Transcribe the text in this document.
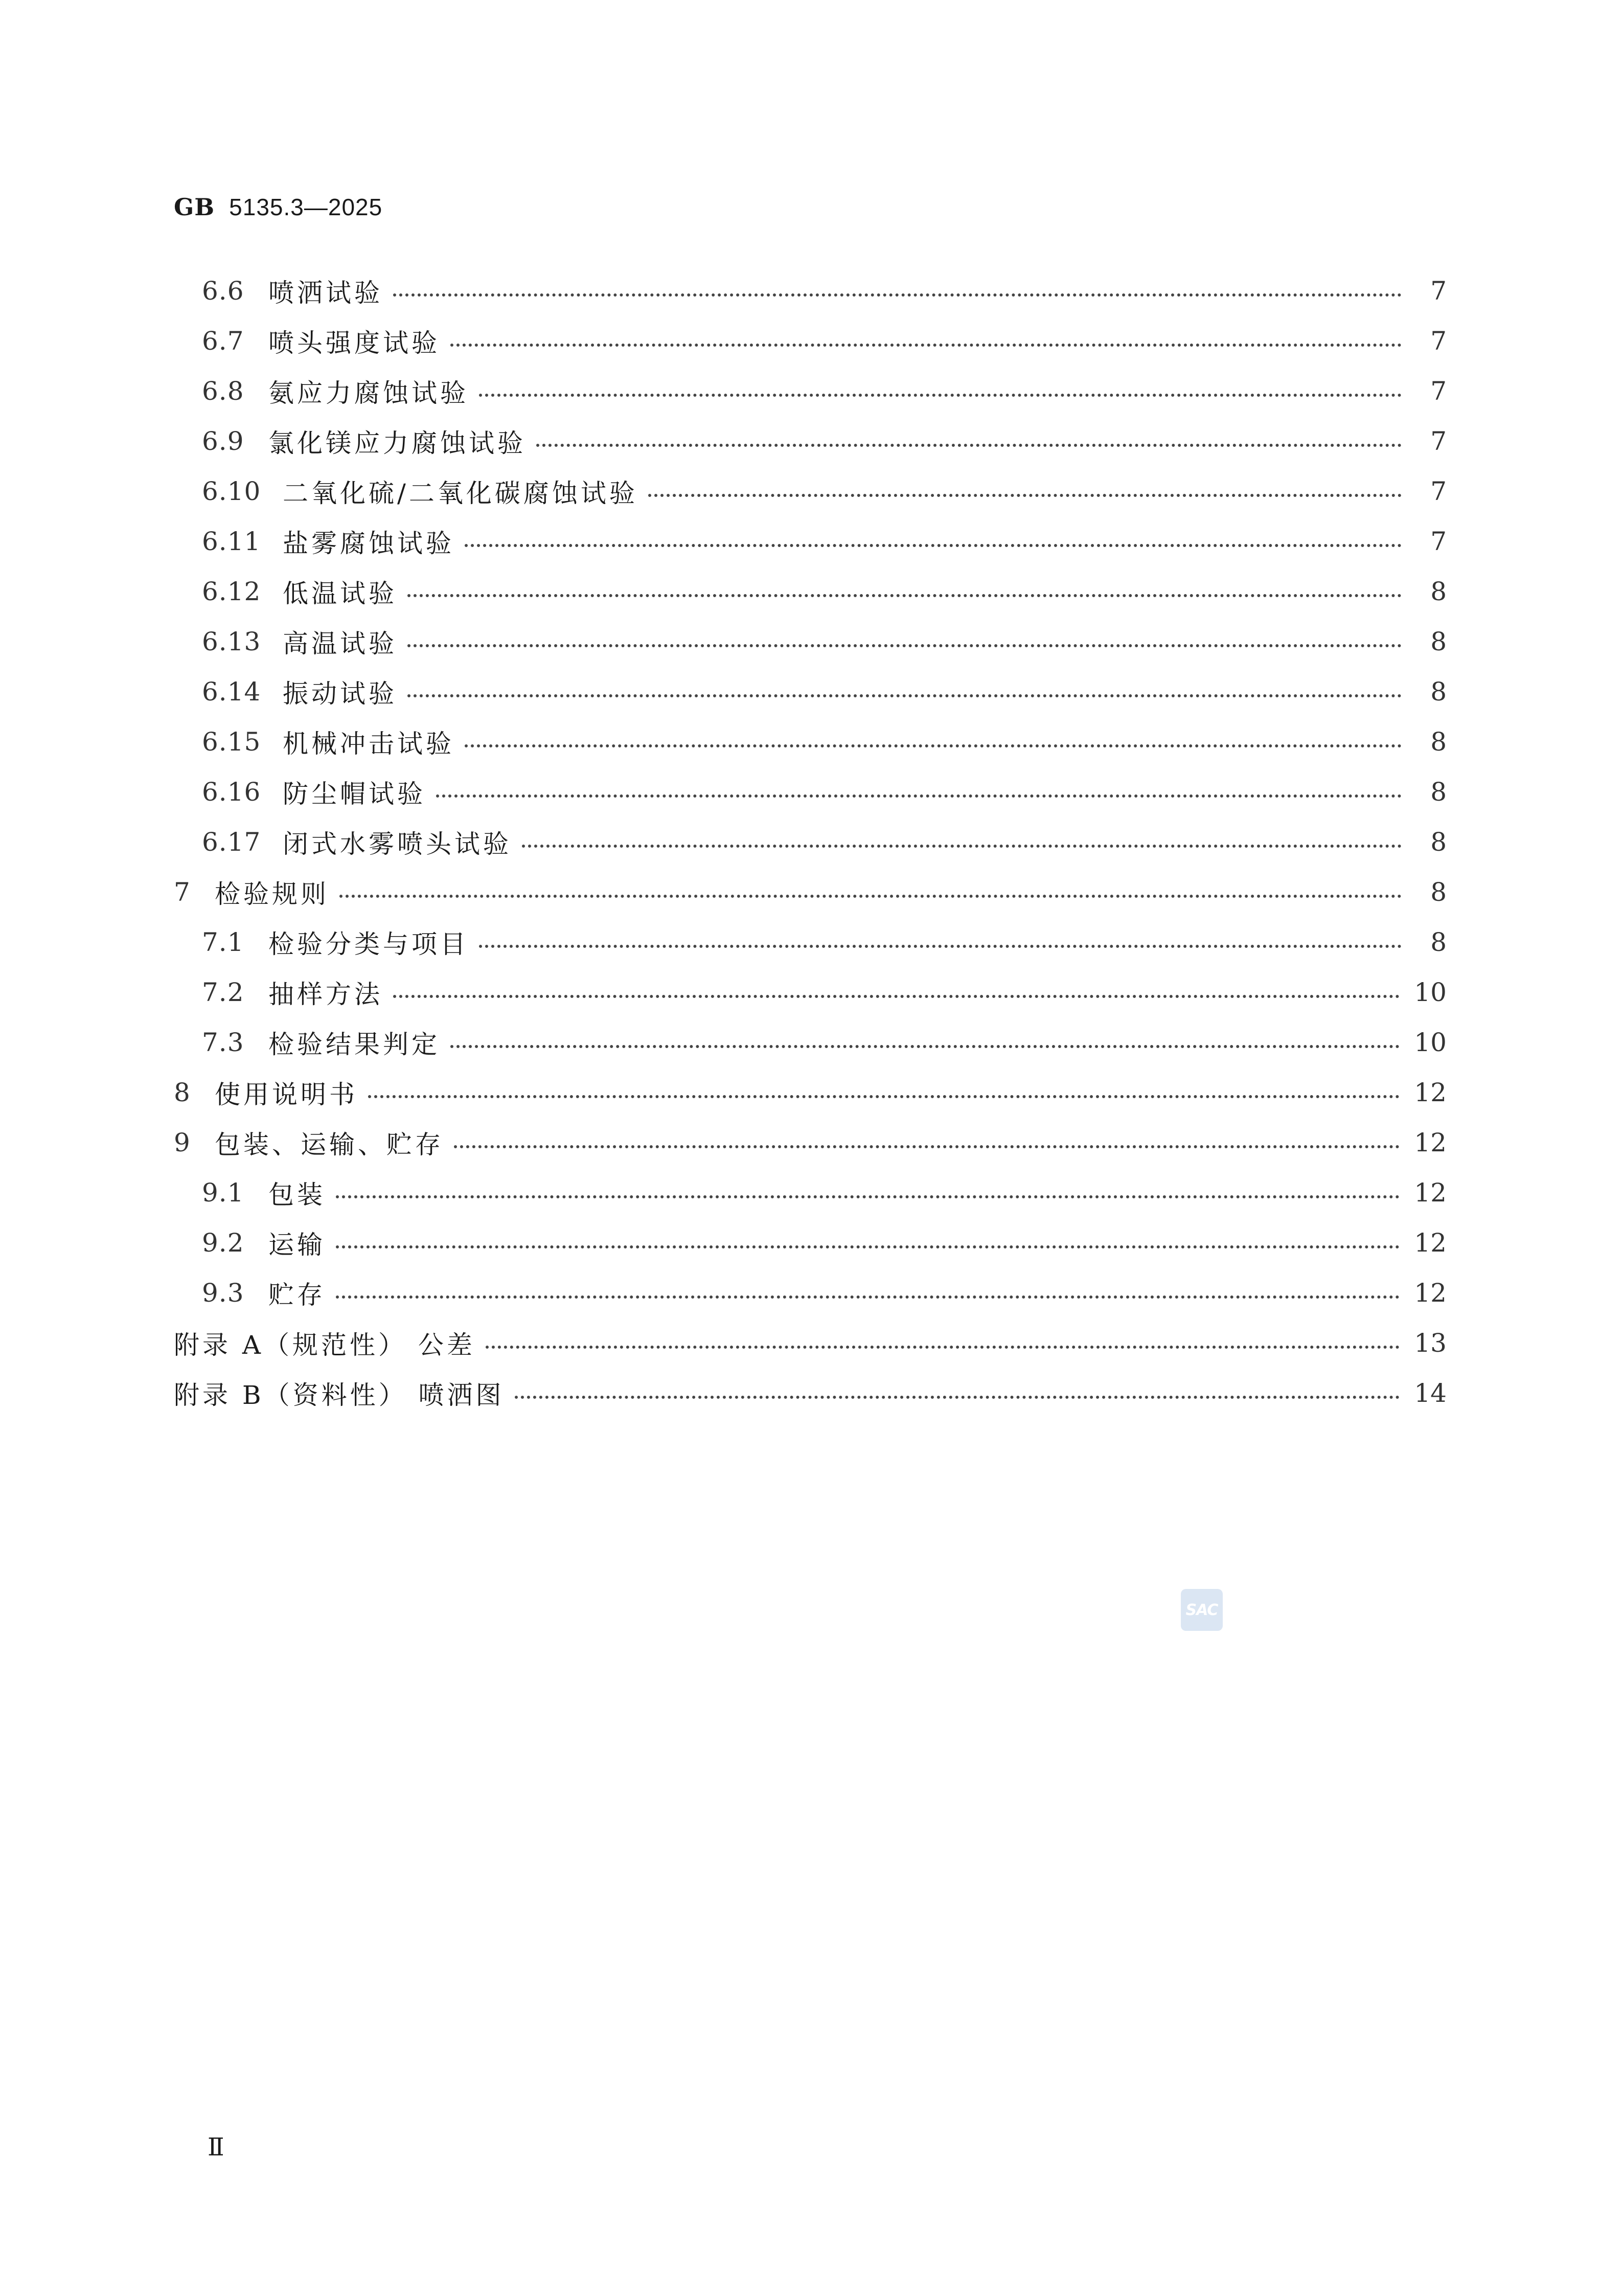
GB 5135.3—2025
6.6 喷洒试验	7
6.7 喷头强度试验	7
6.8 氨应力腐蚀试验	7
6.9 氯化镁应力腐蚀试验	7
6.10 二氧化硫/二氧化碳腐蚀试验	7
6.11 盐雾腐蚀试验	7
6.12 低温试验	8
6.13 高温试验	8
6.14 振动试验	8
6.15 机械冲击试验	8
6.16 防尘帽试验	8
6.17 闭式水雾喷头试验	8
7 检验规则	8
7.1 检验分类与项目	8
7.2 抽样方法	10
7.3 检验结果判定	10
8 使用说明书	12
9 包装、运输、贮存	12
9.1 包装	12
9.2 运输	12
9.3 贮存	12
附录 A（规范性） 公差	13
附录 B（资料性） 喷洒图	14
SAC
Ⅱ
